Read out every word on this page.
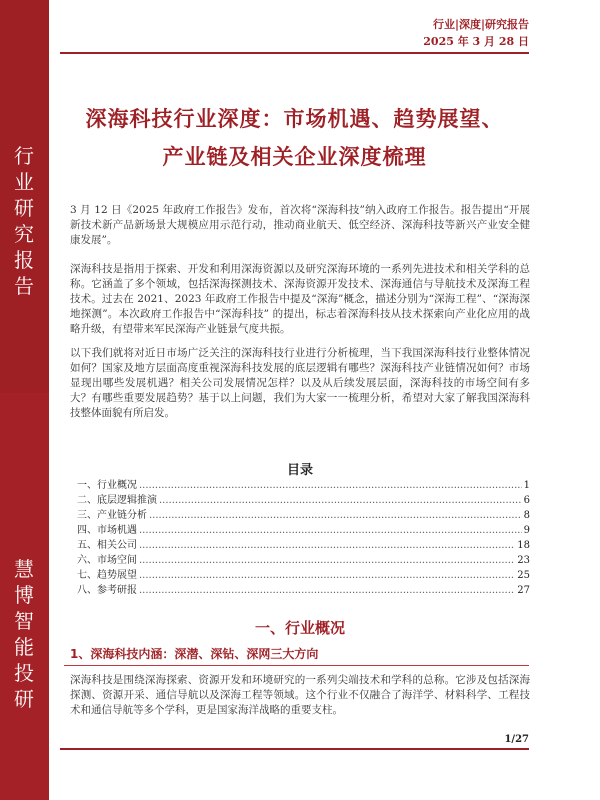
行
业
研
究
报
告
慧
博
智
能
投
研
行业|深度|研究报告
2025 年 3 月 28 日
深海科技行业深度：市场机遇、趋势展望、
产业链及相关企业深度梳理

3 月 12 日《2025 年政府工作报告》发布，首次将“深海科技”纳入政府工作报告。报告提出“开展新技术新产品新场景大规模应用示范行动，推动商业航天、低空经济、深海科技等新兴产业安全健康发展”。

深海科技是指用于探索、开发和利用深海资源以及研究深海环境的一系列先进技术和相关学科的总称。它涵盖了多个领域，包括深海探测技术、深海资源开发技术、深海通信与导航技术及深海工程技术。过去在 2021、2023 年政府工作报告中提及“深海”概念，描述分别为“深海工程”、“深海深地探测”。本次政府工作报告中“深海科技” 的提出，标志着深海科技从技术探索向产业化应用的战略升级，有望带来军民深海产业链景气度共振。

以下我们就将对近日市场广泛关注的深海科技行业进行分析梳理，当下我国深海科技行业整体情况如何？国家及地方层面高度重视深海科技发展的底层逻辑有哪些？深海科技产业链情况如何？市场显现出哪些发展机遇？相关公司发展情况怎样？以及从后续发展层面，深海科技的市场空间有多大？有哪些重要发展趋势？基于以上问题，我们为大家一一梳理分析，希望对大家了解我国深海科技整体面貌有所启发。

目录
一、行业概况 .....	1
二、底层逻辑推演 .....	6
三、产业链分析 .....	8
四、市场机遇 .....	9
五、相关公司 .....	18
六、市场空间 .....	23
七、趋势展望 .....	25
八、参考研报 .....	27
一、行业概况
1、深海科技内涵：深潜、深钻、深网三大方向

深海科技是围绕深海探索、资源开发和环境研究的一系列尖端技术和学科的总称。它涉及包括深海探测、资源开采、通信导航以及深海工程等领域。这个行业不仅融合了海洋学、材料科学、工程技术和通信导航等多个学科，更是国家海洋战略的重要支柱。

1/27
